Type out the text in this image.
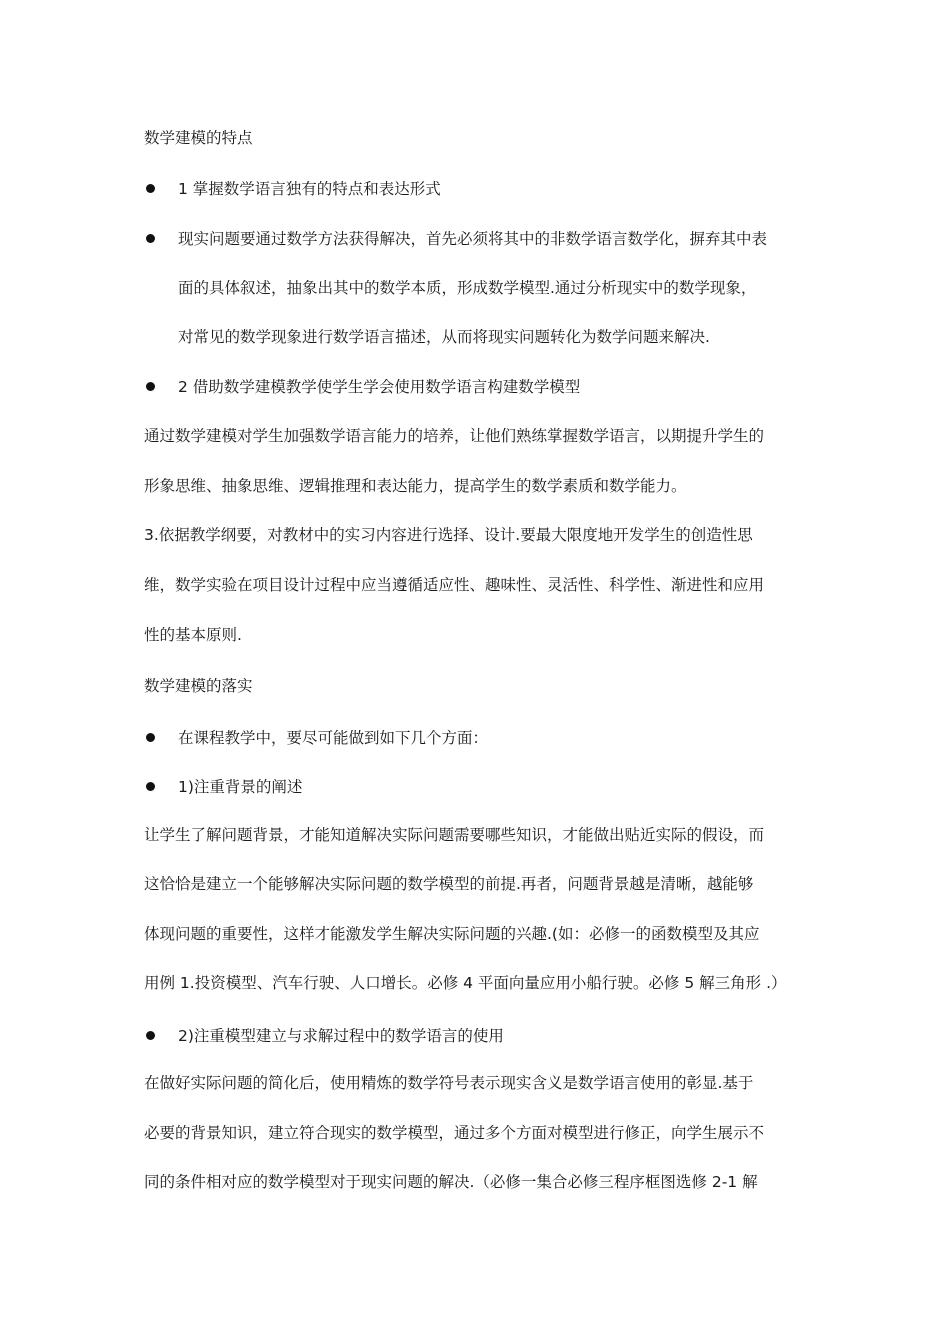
数学建模的特点
1 掌握数学语言独有的特点和表达形式
现实问题要通过数学方法获得解决，首先必须将其中的非数学语言数学化，摒弃其中表
面的具体叙述，抽象出其中的数学本质，形成数学模型.通过分析现实中的数学现象，
对常见的数学现象进行数学语言描述，从而将现实问题转化为数学问题来解决.
2 借助数学建模教学使学生学会使用数学语言构建数学模型
通过数学建模对学生加强数学语言能力的培养，让他们熟练掌握数学语言，以期提升学生的
形象思维、抽象思维、逻辑推理和表达能力，提高学生的数学素质和数学能力。
3.依据教学纲要，对教材中的实习内容进行选择、设计.要最大限度地开发学生的创造性思
维，数学实验在项目设计过程中应当遵循适应性、趣味性、灵活性、科学性、渐进性和应用
性的基本原则.
数学建模的落实
在课程教学中，要尽可能做到如下几个方面：
1)注重背景的阐述
让学生了解问题背景，才能知道解决实际问题需要哪些知识，才能做出贴近实际的假设，而
这恰恰是建立一个能够解决实际问题的数学模型的前提.再者，问题背景越是清晰，越能够
体现问题的重要性，这样才能激发学生解决实际问题的兴趣.(如：必修一的函数模型及其应
用例 1.投资模型、汽车行驶、人口增长。必修 4 平面向量应用小船行驶。必修 5 解三角形 .）
2)注重模型建立与求解过程中的数学语言的使用
在做好实际问题的简化后，使用精炼的数学符号表示现实含义是数学语言使用的彰显.基于
必要的背景知识，建立符合现实的数学模型，通过多个方面对模型进行修正，向学生展示不
同的条件相对应的数学模型对于现实问题的解决.（必修一集合必修三程序框图选修 2-1 解
